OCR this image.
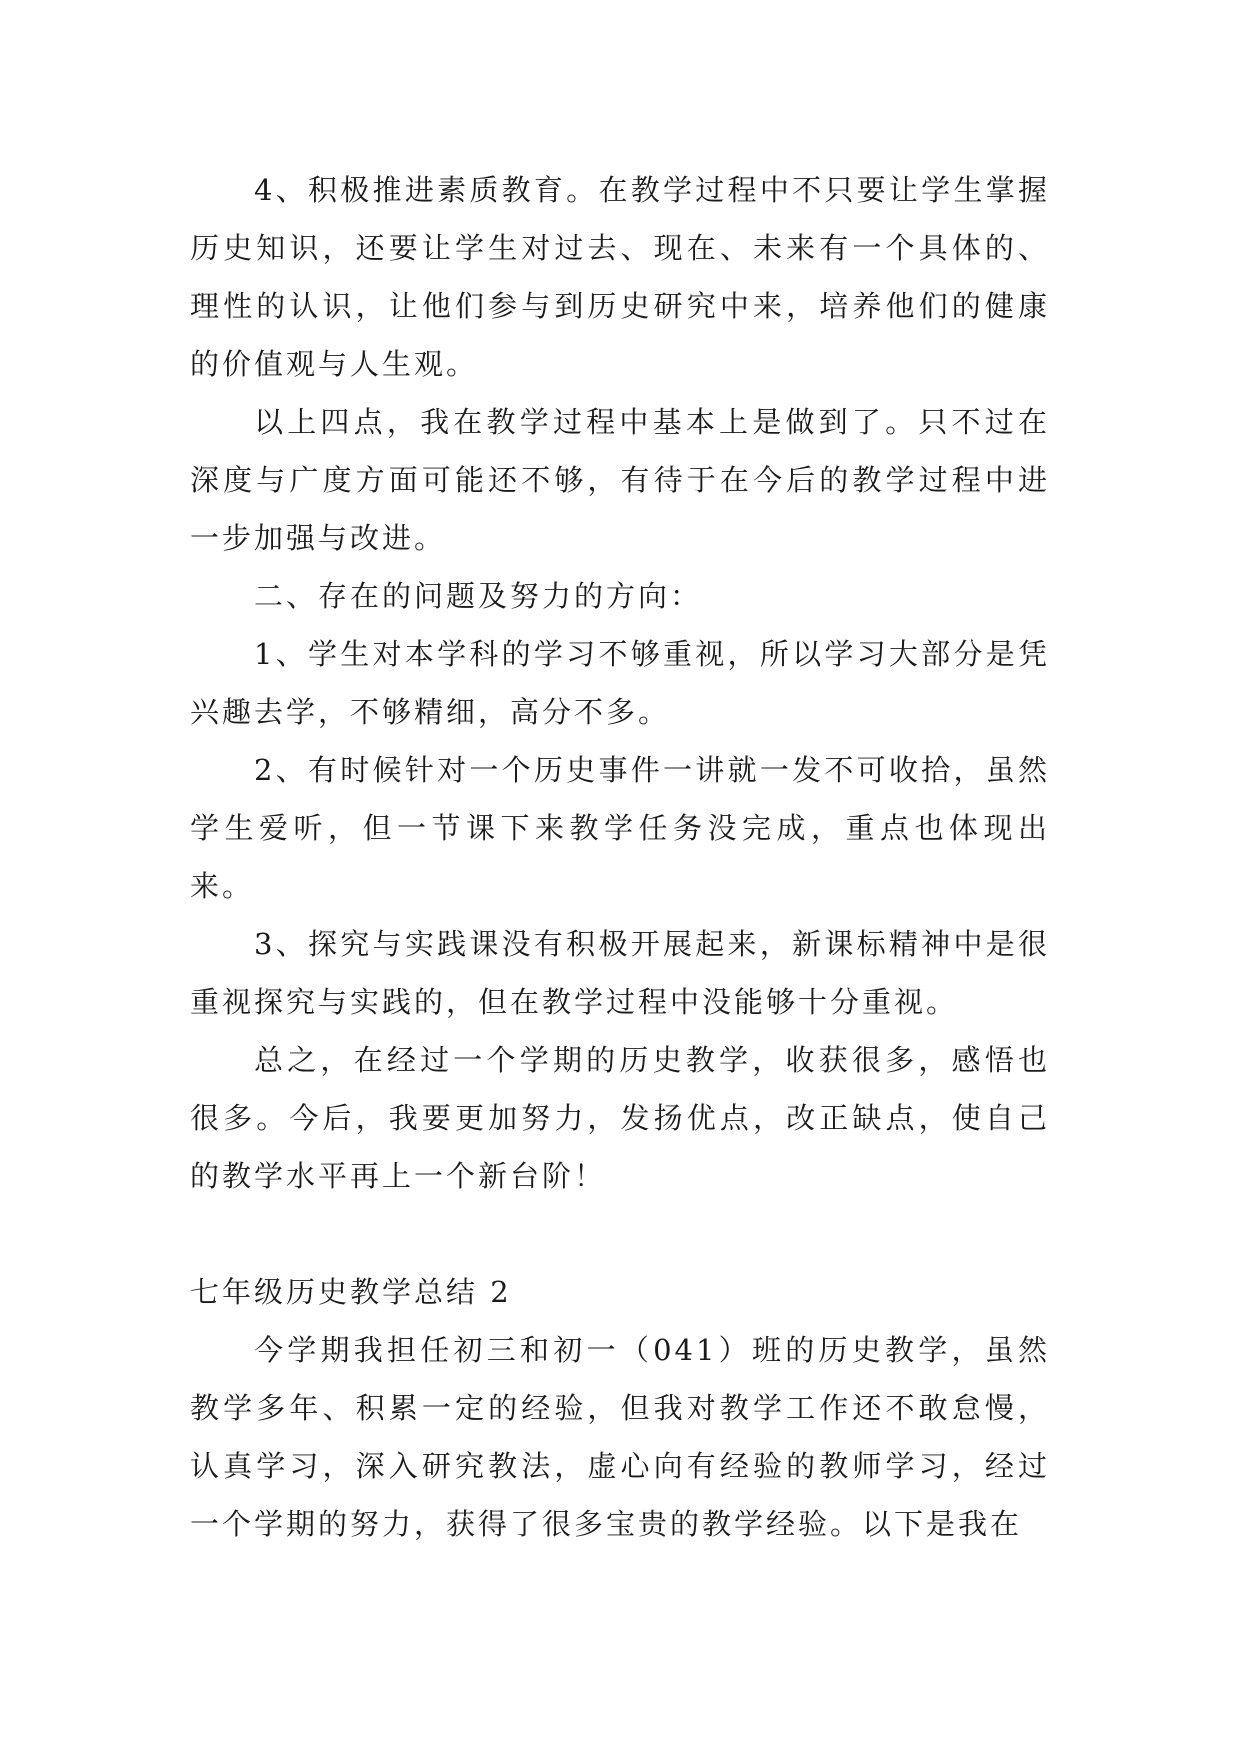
4、积极推进素质教育。在教学过程中不只要让学生掌握历史知识，还要让学生对过去、现在、未来有一个具体的、理性的认识，让他们参与到历史研究中来，培养他们的健康的价值观与人生观。

以上四点，我在教学过程中基本上是做到了。只不过在深度与广度方面可能还不够，有待于在今后的教学过程中进一步加强与改进。

二、存在的问题及努力的方向：

1、学生对本学科的学习不够重视，所以学习大部分是凭兴趣去学，不够精细，高分不多。

2、有时候针对一个历史事件一讲就一发不可收拾，虽然学生爱听，但一节课下来教学任务没完成，重点也体现出来。

3、探究与实践课没有积极开展起来，新课标精神中是很重视探究与实践的，但在教学过程中没能够十分重视。

总之，在经过一个学期的历史教学，收获很多，感悟也很多。今后，我要更加努力，发扬优点，改正缺点，使自己的教学水平再上一个新台阶！

七年级历史教学总结 2

今学期我担任初三和初一（041）班的历史教学，虽然教学多年、积累一定的经验，但我对教学工作还不敢怠慢，认真学习，深入研究教法，虚心向有经验的教师学习，经过一个学期的努力，获得了很多宝贵的教学经验。以下是我在
